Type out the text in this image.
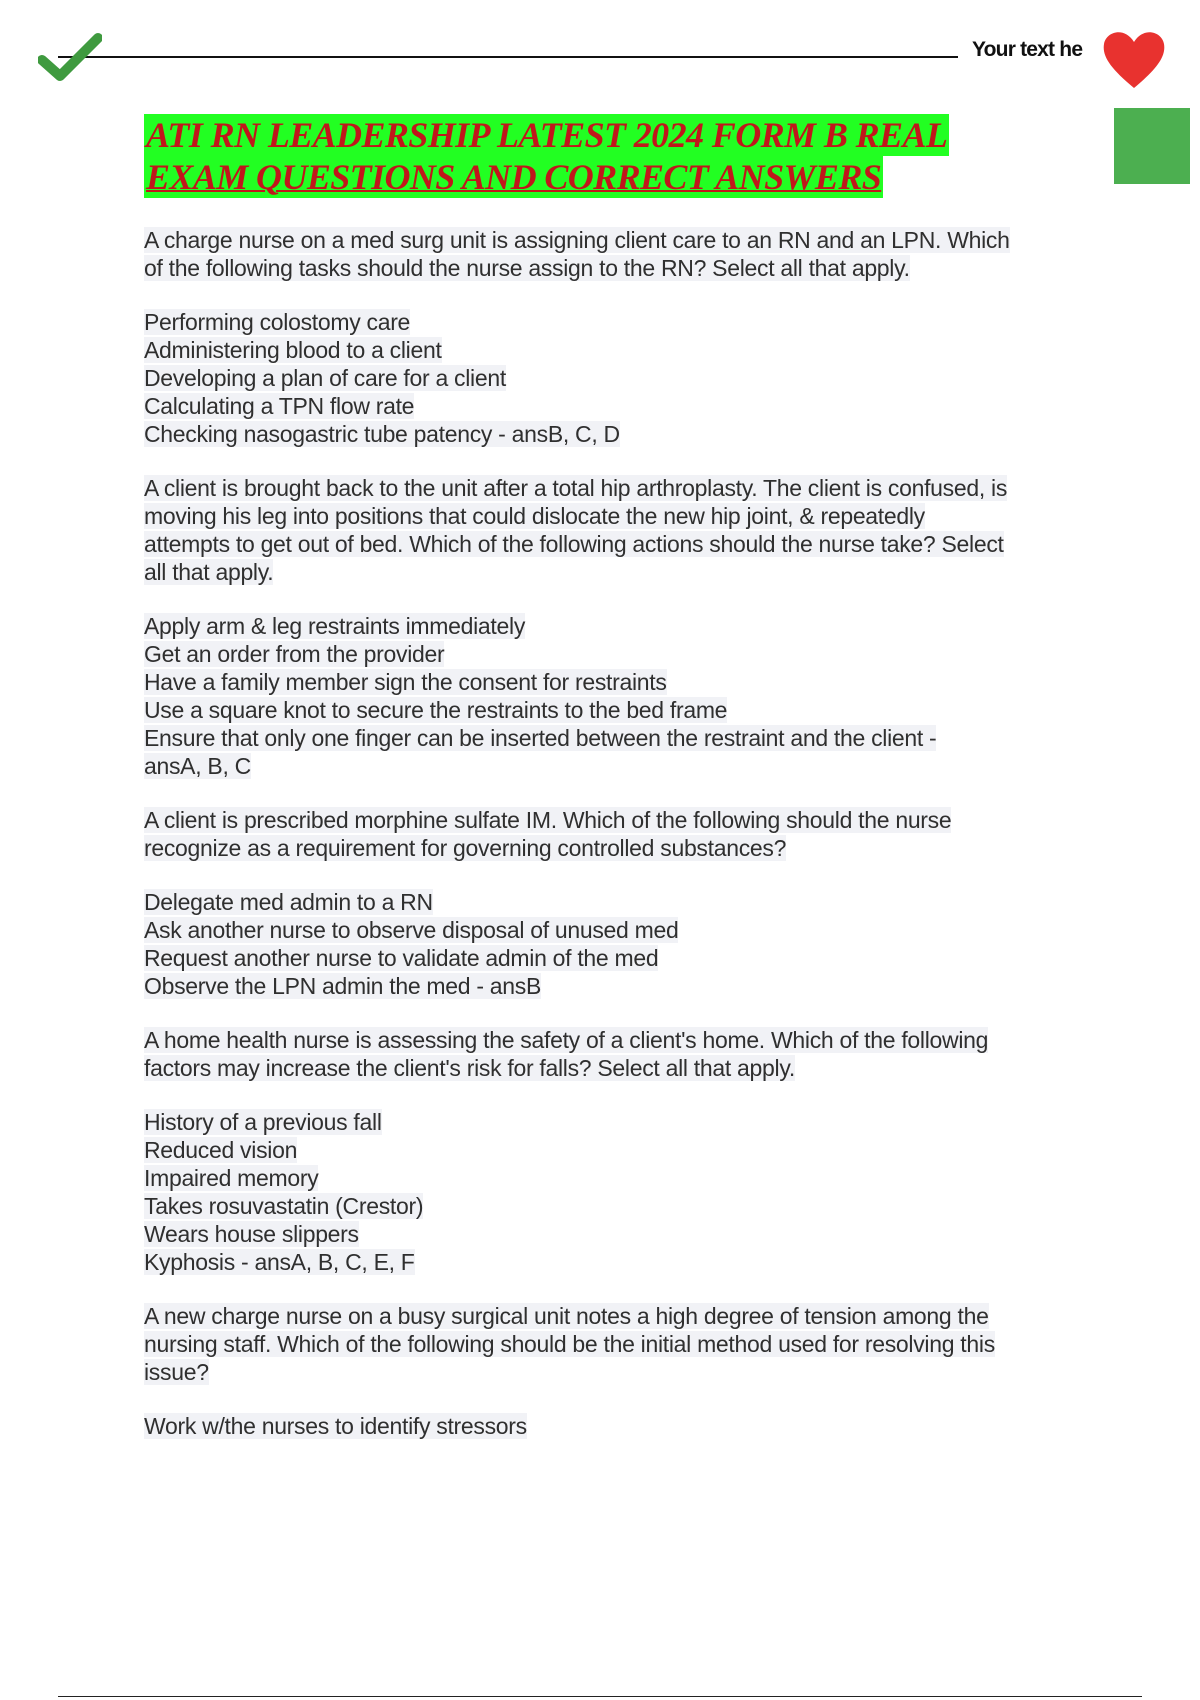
Your text he
ATI RN LEADERSHIP LATEST 2024 FORM B REAL
EXAM QUESTIONS AND CORRECT ANSWERS
A charge nurse on a med surg unit is assigning client care to an RN and an LPN. Which
of the following tasks should the nurse assign to the RN? Select all that apply.
Performing colostomy care
Administering blood to a client
Developing a plan of care for a client
Calculating a TPN flow rate
Checking nasogastric tube patency - ansB, C, D
A client is brought back to the unit after a total hip arthroplasty. The client is confused, is
moving his leg into positions that could dislocate the new hip joint, & repeatedly
attempts to get out of bed. Which of the following actions should the nurse take? Select
all that apply.
Apply arm & leg restraints immediately
Get an order from the provider
Have a family member sign the consent for restraints
Use a square knot to secure the restraints to the bed frame
Ensure that only one finger can be inserted between the restraint and the client -
ansA, B, C
A client is prescribed morphine sulfate IM. Which of the following should the nurse
recognize as a requirement for governing controlled substances?
Delegate med admin to a RN
Ask another nurse to observe disposal of unused med
Request another nurse to validate admin of the med
Observe the LPN admin the med - ansB
A home health nurse is assessing the safety of a client's home. Which of the following
factors may increase the client's risk for falls? Select all that apply.
History of a previous fall
Reduced vision
Impaired memory
Takes rosuvastatin (Crestor)
Wears house slippers
Kyphosis - ansA, B, C, E, F
A new charge nurse on a busy surgical unit notes a high degree of tension among the
nursing staff. Which of the following should be the initial method used for resolving this
issue?
Work w/the nurses to identify stressors
